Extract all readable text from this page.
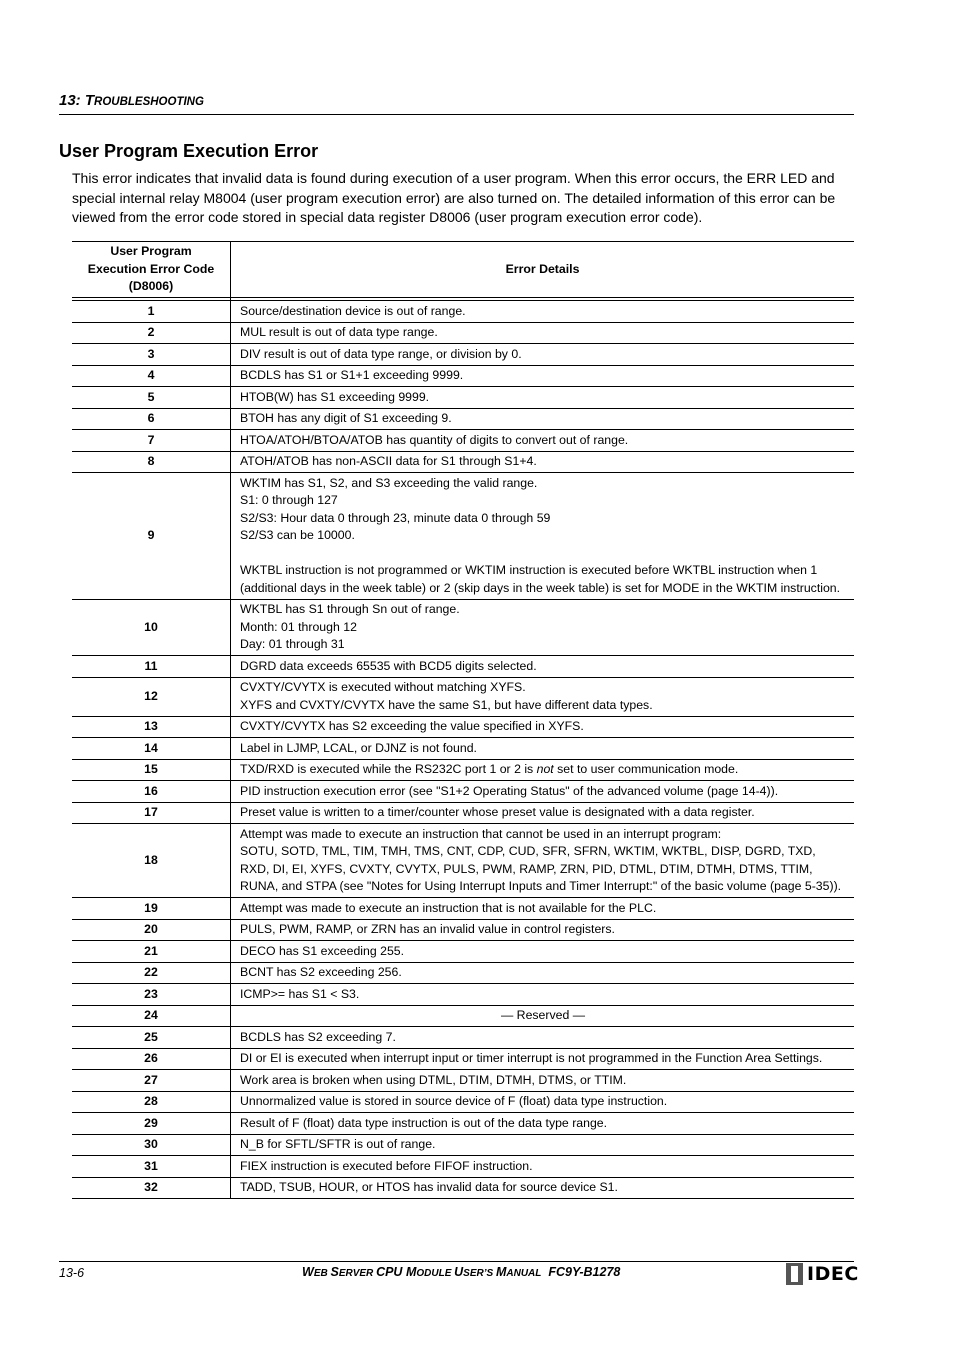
13: TROUBLESHOOTING
User Program Execution Error

This error indicates that invalid data is found during execution of a user program. When this error occurs, the ERR LED and special internal relay M8004 (user program execution error) are also turned on. The detailed information of this error can be viewed from the error code stored in special data register D8006 (user program execution error code).

User Program
Execution Error Code
(D8006)	Error Details

1	Source/destination device is out of range.
2	MUL result is out of data type range.
3	DIV result is out of data type range, or division by 0.
4	BCDLS has S1 or S1+1 exceeding 9999.
5	HTOB(W) has S1 exceeding 9999.
6	BTOH has any digit of S1 exceeding 9.
7	HTOA/ATOH/BTOA/ATOB has quantity of digits to convert out of range.
8	ATOH/ATOB has non-ASCII data for S1 through S1+4.
9	WKTIM has S1, S2, and S3 exceeding the valid range.
S1: 0 through 127
S2/S3: Hour data 0 through 23, minute data 0 through 59
S2/S3 can be 10000.
WKTBL instruction is not programmed or WKTIM instruction is executed before WKTBL instruction when 1 (additional days in the week table) or 2 (skip days in the week table) is set for MODE in the WKTIM instruction.

10	WKTBL has S1 through Sn out of range.
Month: 01 through 12
Day: 01 through 31

11	DGRD data exceeds 65535 with BCD5 digits selected.
12	CVXTY/CVYTX is executed without matching XYFS.
XYFS and CVXTY/CVYTX have the same S1, but have different data types.

13	CVXTY/CVYTX has S2 exceeding the value specified in XYFS.
14	Label in LJMP, LCAL, or DJNZ is not found.
15	TXD/RXD is executed while the RS232C port 1 or 2 is not set to user communication mode.
16	PID instruction execution error (see "S1+2 Operating Status" of the advanced volume (page 14-4)).
17	Preset value is written to a timer/counter whose preset value is designated with a data register.
18	Attempt was made to execute an instruction that cannot be used in an interrupt program:
SOTU, SOTD, TML, TIM, TMH, TMS, CNT, CDP, CUD, SFR, SFRN, WKTIM, WKTBL, DISP, DGRD, TXD, RXD, DI, EI, XYFS, CVXTY, CVYTX, PULS, PWM, RAMP, ZRN, PID, DTML, DTIM, DTMH, DTMS, TTIM, RUNA, and STPA (see "Notes for Using Interrupt Inputs and Timer Interrupt:" of the basic volume (page 5-35)).

19	Attempt was made to execute an instruction that is not available for the PLC.
20	PULS, PWM, RAMP, or ZRN has an invalid value in control registers.
21	DECO has S1 exceeding 255.
22	BCNT has S2 exceeding 256.
23	ICMP>= has S1 < S3.
24	— Reserved —
25	BCDLS has S2 exceeding 7.
26	DI or EI is executed when interrupt input or timer interrupt is not programmed in the Function Area Settings.
27	Work area is broken when using DTML, DTIM, DTMH, DTMS, or TTIM.
28	Unnormalized value is stored in source device of F (float) data type instruction.
29	Result of F (float) data type instruction is out of the data type range.
30	N_B for SFTL/SFTR is out of range.
31	FIEX instruction is executed before FIFOF instruction.
32	TADD, TSUB, HOUR, or HTOS has invalid data for source device S1.
13-6	WEB SERVER CPU MODULE USER’S MANUAL  FC9Y-B1278	IDEC
